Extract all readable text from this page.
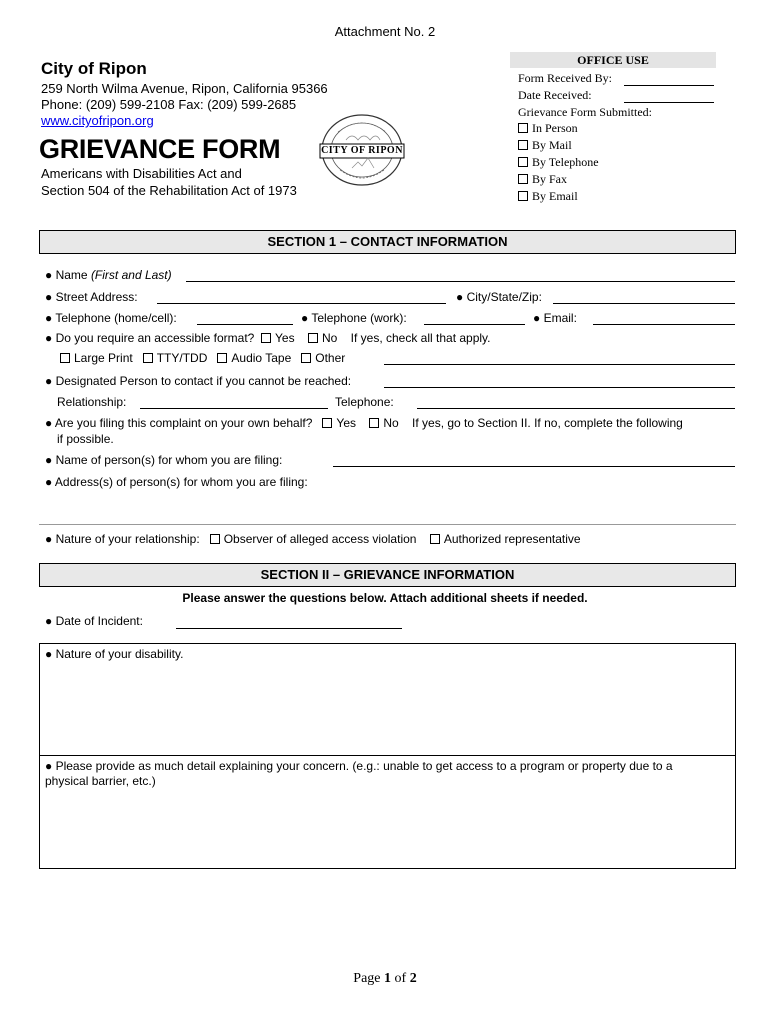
Attachment No. 2
City of Ripon
259 North Wilma Avenue, Ripon, California 95366
Phone: (209) 599-2108 Fax: (209) 599-2685
www.cityofripon.org
CITY OF RIPON
GRIEVANCE FORM
Americans with Disabilities Act and
Section 504 of the Rehabilitation Act of 1973
OFFICE USE
Form Received By:
Date Received:
Grievance Form Submitted:
In Person
By Mail
By Telephone
By Fax
By Email
SECTION 1 – CONTACT INFORMATION
● Name (First and Last)
● Street Address:	● City/State/Zip:
● Telephone (home/cell):	● Telephone (work):	● Email:
● Do you require an accessible format? Yes No If yes, check all that apply.
Large Print TTY/TDD Audio Tape Other
● Designated Person to contact if you cannot be reached:
Relationship:	Telephone:
● Are you filing this complaint on your own behalf? Yes No If yes, go to Section II. If no, complete the following
if possible.
● Name of person(s) for whom you are filing:
● Address(s) of person(s) for whom you are filing:
● Nature of your relationship: Observer of alleged access violation Authorized representative
SECTION II – GRIEVANCE INFORMATION
Please answer the questions below. Attach additional sheets if needed.
● Date of Incident:
● Nature of your disability.
● Please provide as much detail explaining your concern. (e.g.: unable to get access to a program or property due to a
physical barrier, etc.)
Page 1 of 2
